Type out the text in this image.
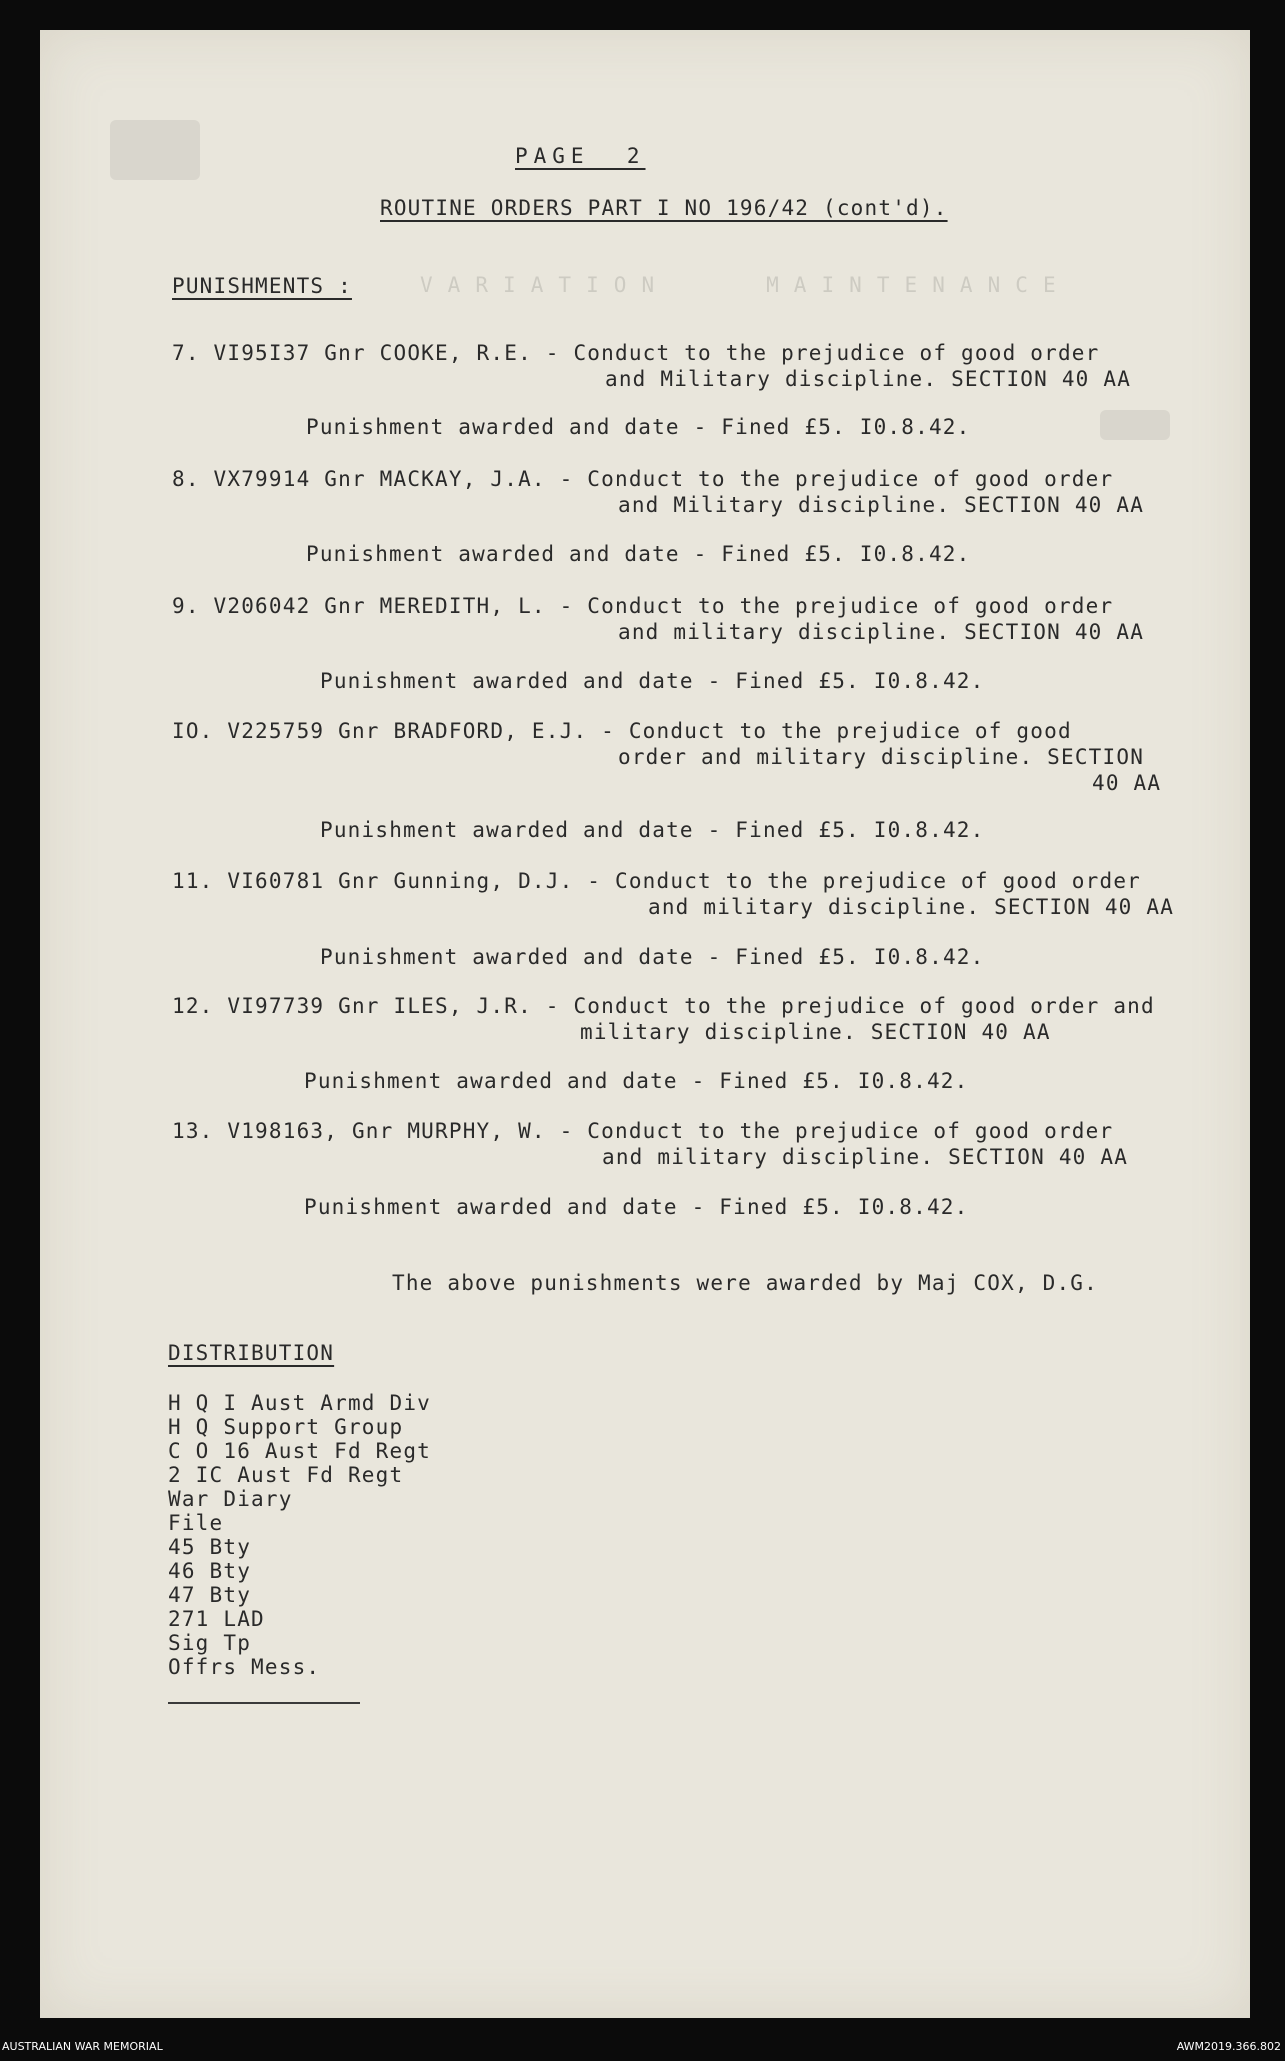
PAGE  2
ROUTINE ORDERS PART I NO 196/42 (cont'd).
PUNISHMENTS :	V A R I A T I O N        M A I N T E N A N C E

7. VI95I37 Gnr COOKE, R.E. - Conduct to the prejudice of good order

and Military discipline. SECTION 40 AA

Punishment awarded and date - Fined £5. I0.8.42.

8. VX79914 Gnr MACKAY, J.A. - Conduct to the prejudice of good order

and Military discipline. SECTION 40 AA

Punishment awarded and date - Fined £5. I0.8.42.

9. V206042 Gnr MEREDITH, L. - Conduct to the prejudice of good order

and military discipline. SECTION 40 AA

Punishment awarded and date - Fined £5. I0.8.42.

IO. V225759 Gnr BRADFORD, E.J. - Conduct to the prejudice of good

order and military discipline. SECTION

40 AA

Punishment awarded and date - Fined £5. I0.8.42.

11. VI60781 Gnr Gunning, D.J. - Conduct to the prejudice of good order

and military discipline. SECTION 40 AA

Punishment awarded and date - Fined £5. I0.8.42.

12. VI97739 Gnr ILES, J.R. - Conduct to the prejudice of good order and

military discipline. SECTION 40 AA

Punishment awarded and date - Fined £5. I0.8.42.

13. V198163, Gnr MURPHY, W. - Conduct to the prejudice of good order

and military discipline. SECTION 40 AA

Punishment awarded and date - Fined £5. I0.8.42.

The above punishments were awarded by Maj COX, D.G.
DISTRIBUTION

H Q I Aust Armd Div

H Q Support Group

C O 16 Aust Fd Regt

2 IC Aust Fd Regt

War Diary

File

45 Bty

46 Bty

47 Bty

271 LAD

Sig Tp

Offrs Mess.

AUSTRALIAN WAR MEMORIAL	AWM2019.366.802
